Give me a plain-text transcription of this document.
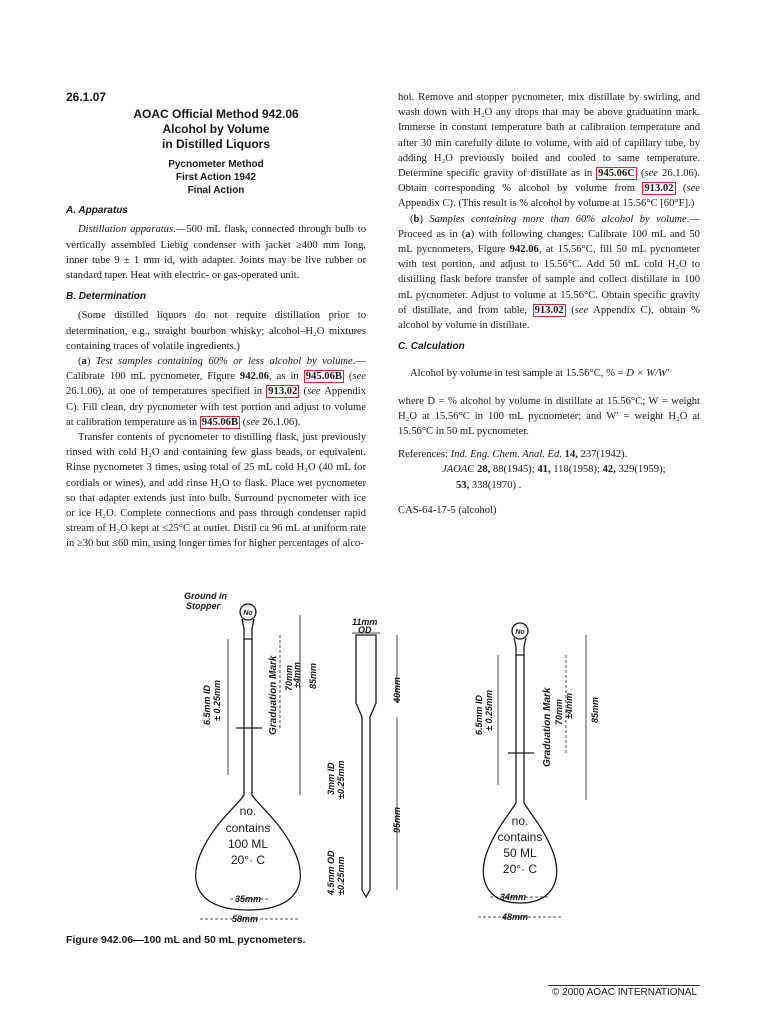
26.1.07

AOAC Official Method 942.06
Alcohol by Volume
in Distilled Liquors
Pycnometer Method
First Action 1942
Final Action
A. Apparatus

Distillation apparatus.—500 mL flask, connected through bulb to vertically assembled Liebig condenser with jacket ≥400 mm long, inner tube 9 ± 1 mm id, with adapter. Joints may be live rubber or standard taper. Heat with electric- or gas-operated unit.

B. Determination

(Some distilled liquors do not require distillation prior to determination, e.g., straight bourbon whisky; alcohol–H₂O mixtures containing traces of volatile ingredients.)

(a) Test samples containing 60% or less alcohol by volume.—Calibrate 100 mL pycnometer, Figure 942.06, as in 945.06B (see 26.1.06), at one of temperatures specified in 913.02 (see Appendix C). Fill clean, dry pycnometer with test portion and adjust to volume at calibration temperature as in 945.06B (see 26.1.06).

Transfer contents of pycnometer to distilling flask, just previously rinsed with cold H₂O and containing few glass beads, or equivalent. Rinse pycnometer 3 times, using total of 25 mL cold H₂O (40 mL for cordials or wines), and add rinse H₂O to flask. Place wet pycnometer so that adapter extends just into bulb. Surround pycnometer with ice or ice H₂O. Complete connections and pass through condenser rapid stream of H₂O kept at ≤25°C at outlet. Distil ca 96 mL at uniform rate in ≥30 but ≤60 min, using longer times for higher percentages of alco-

hol. Remove and stopper pycnometer, mix distillate by swirling, and wash down with H₂O any drops that may be above graduation mark. Immerse in constant temperature bath at calibration temperature and after 30 min carefully dilute to volume, with aid of capillary tube, by adding H₂O previously boiled and cooled to same temperature. Determine specific gravity of distillate as in 945.06C (see 26.1.06). Obtain corresponding % alcohol by volume from 913.02 (see Appendix C). (This result is % alcohol by volume at 15.56°C [60°F].)

(b) Samples containing more than 60% alcohol by volume.—Proceed as in (a) with following changes: Calibrate 100 mL and 50 mL pycnometers, Figure 942.06, at 15.56°C, fill 50 mL pycnometer with test portion, and adjust to 15.56°C. Add 50 mL cold H₂O to distilling flask before transfer of sample and collect distillate in 100 mL pycnometer. Adjust to volume at 15.56°C. Obtain specific gravity of distillate, and from table, 913.02 (see Appendix C), obtain % alcohol by volume in distillate.

C. Calculation

Alcohol by volume in test sample at 15.56°C, % = D × W/W′

where D = % alcohol by volume in distillate at 15.56°C; W = weight H₂O at 15.56°C in 100 mL pycnometer; and W′ = weight H₂O at 15.56°C in 50 mL pycnometer.

References: Ind. Eng. Chem. Anal. Ed. 14, 237(1942).

JAOAC 28, 88(1945); 41, 118(1958); 42, 329(1959);

53, 338(1970) .

CAS-64-17-5 (alcohol)

Ground in
Stopper
No
6.5mm ID ± 0.25mm	Graduation Mark 70mm
±4mm 85mm
no.
contains
100 ML
20°· C
35mm
58mm
11mm
OD
40mm
3mm ID ±0.25mm
95mm
4.5mm OD ±0.25mm
No
6.5mm ID ± 0.25mm	Graduation Mark 70mm ±4mm 85mm
no.
contains
50 ML
20°· C
34mm
48mm
Figure 942.06—100 mL and 50 mL pycnometers.
© 2000 AOAC INTERNATIONAL
